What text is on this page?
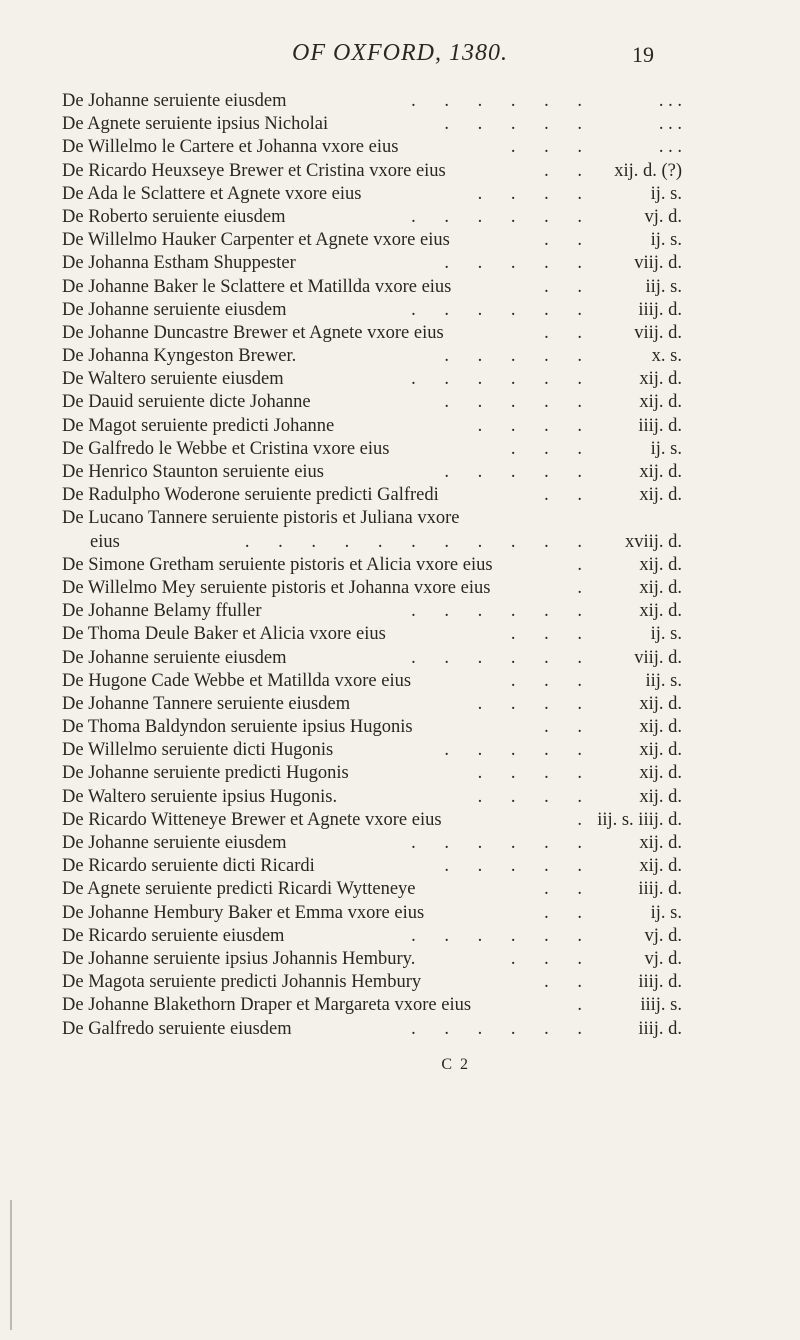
OF OXFORD, 1380.	19
De Johanne seruiente eiusdem	. . . . . .	. . .
De Agnete seruiente ipsius Nicholai	. . . . .	. . .
De Willelmo le Cartere et Johanna vxore eius	. . .	. . .
De Ricardo Heuxseye Brewer et Cristina vxore eius	. .	xij. d. (?)
De Ada le Sclattere et Agnete vxore eius	. . . .	ij. s.
De Roberto seruiente eiusdem	. . . . . .	vj. d.
De Willelmo Hauker Carpenter et Agnete vxore eius	. .	ij. s.
De Johanna Estham Shuppester	. . . . .	viij. d.
De Johanne Baker le Sclattere et Matillda vxore eius	. .	iij. s.
De Johanne seruiente eiusdem	. . . . . .	iiij. d.
De Johanne Duncastre Brewer et Agnete vxore eius	. .	viij. d.
De Johanna Kyngeston Brewer.	. . . . .	x. s.
De Waltero seruiente eiusdem	. . . . . .	xij. d.
De Dauid seruiente dicte Johanne	. . . . .	xij. d.
De Magot seruiente predicti Johanne	. . . .	iiij. d.
De Galfredo le Webbe et Cristina vxore eius	. . .	ij. s.
De Henrico Staunton seruiente eius	. . . . .	xij. d.
De Radulpho Woderone seruiente predicti Galfredi	. .	xij. d.
De Lucano Tannere seruiente pistoris et Juliana vxore
eius	. . . . . . . . . . .	xviij. d.
De Simone Gretham seruiente pistoris et Alicia vxore eius	.	xij. d.
De Willelmo Mey seruiente pistoris et Johanna vxore eius	.	xij. d.
De Johanne Belamy ffuller	. . . . . .	xij. d.
De Thoma Deule Baker et Alicia vxore eius	. . .	ij. s.
De Johanne seruiente eiusdem	. . . . . .	viij. d.
De Hugone Cade Webbe et Matillda vxore eius	. . .	iij. s.
De Johanne Tannere seruiente eiusdem	. . . .	xij. d.
De Thoma Baldyndon seruiente ipsius Hugonis	. .	xij. d.
De Willelmo seruiente dicti Hugonis	. . . . .	xij. d.
De Johanne seruiente predicti Hugonis	. . . .	xij. d.
De Waltero seruiente ipsius Hugonis.	. . . .	xij. d.
De Ricardo Witteneye Brewer et Agnete vxore eius	. iij. s. iiij. d.
De Johanne seruiente eiusdem	. . . . . .	xij. d.
De Ricardo seruiente dicti Ricardi	. . . . .	xij. d.
De Agnete seruiente predicti Ricardi Wytteneye	. .	iiij. d.
De Johanne Hembury Baker et Emma vxore eius	. .	ij. s.
De Ricardo seruiente eiusdem	. . . . . .	vj. d.
De Johanne seruiente ipsius Johannis Hembury.	. . .	vj. d.
De Magota seruiente predicti Johannis Hembury	. .	iiij. d.
De Johanne Blakethorn Draper et Margareta vxore eius	.	iiij. s.
De Galfredo seruiente eiusdem	. . . . . .	iiij. d.
C 2
